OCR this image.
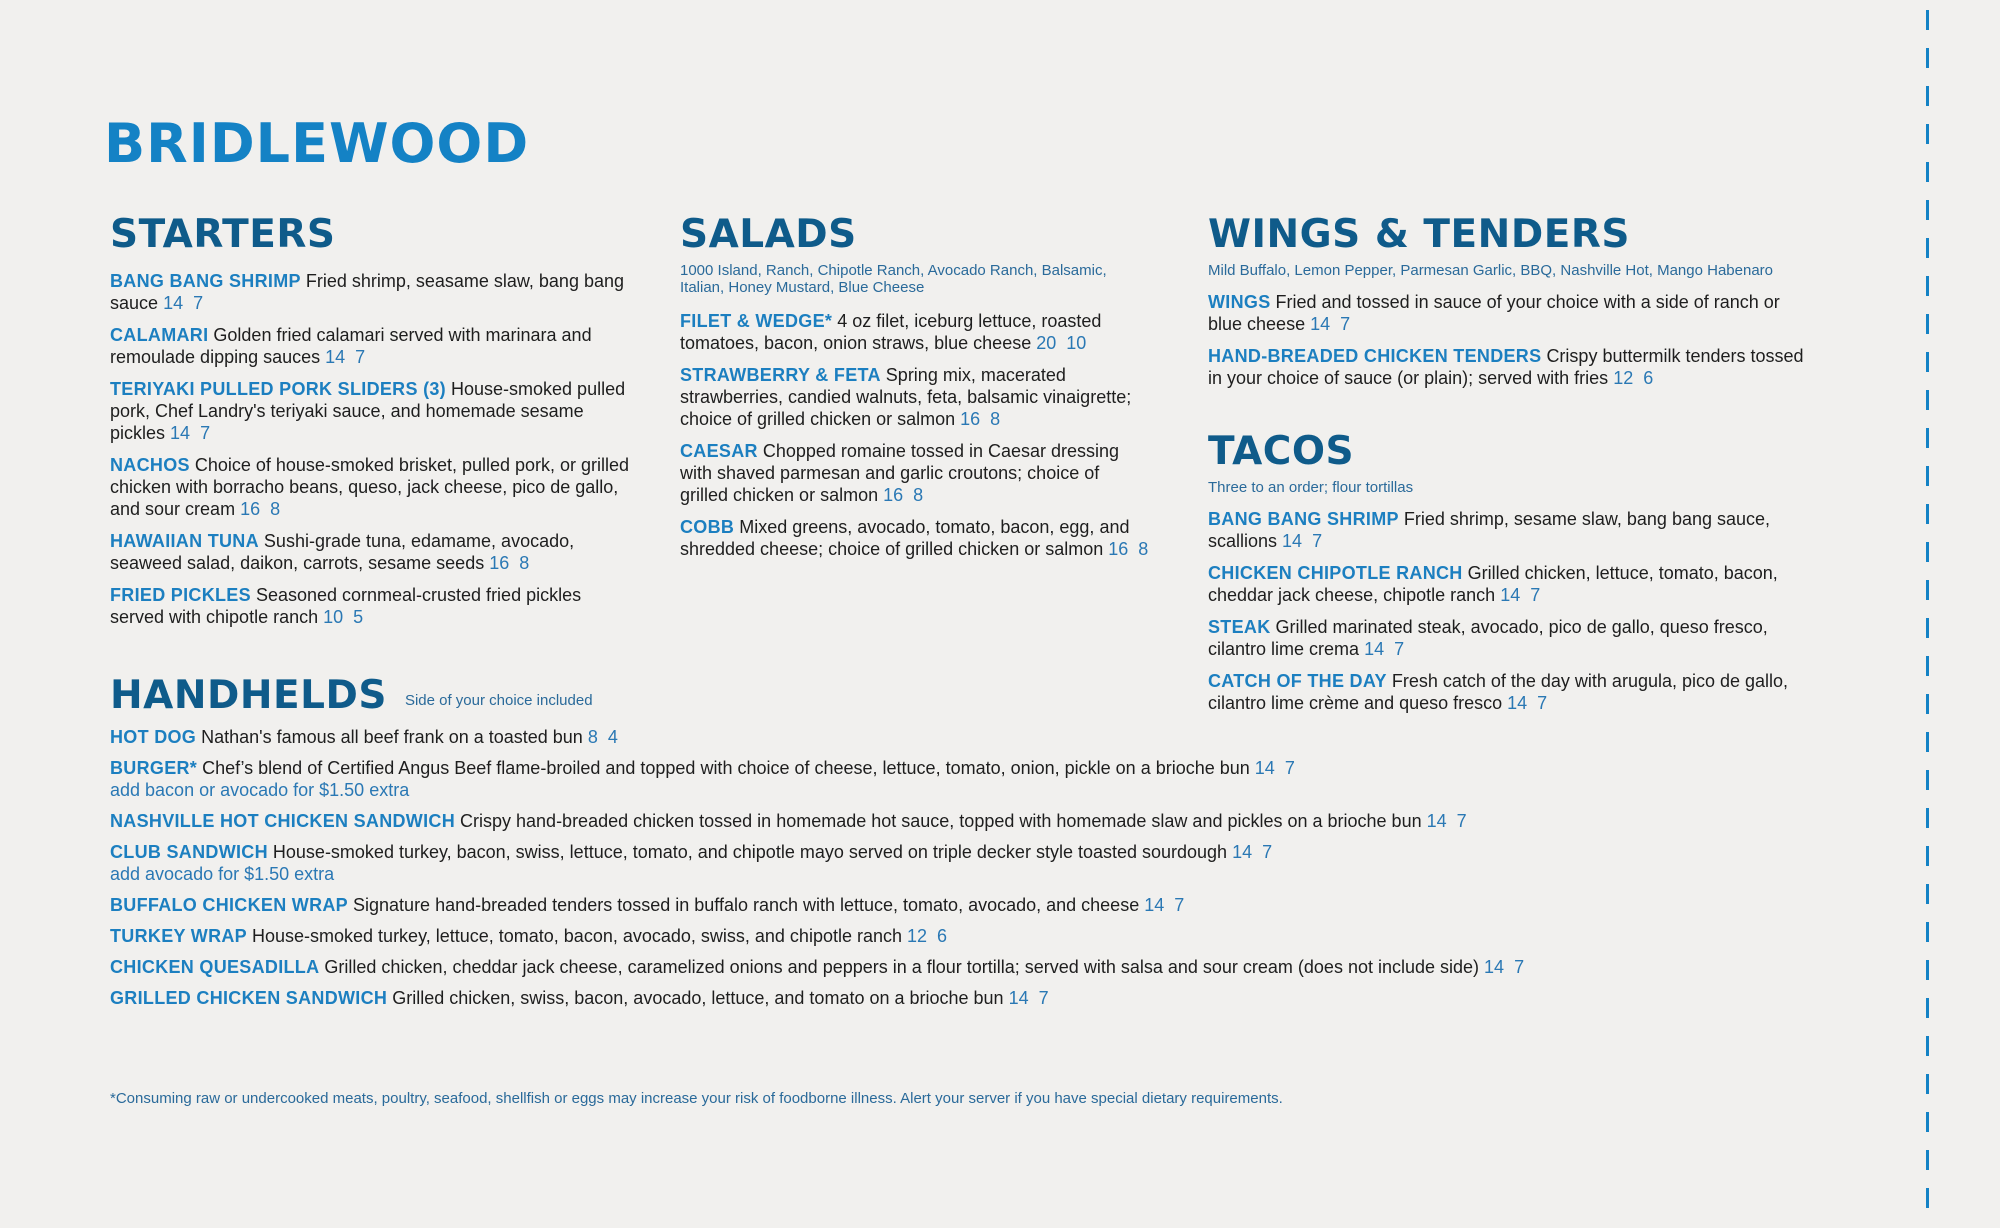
BRIDLEWOOD
STARTERS
BANG BANG SHRIMP Fried shrimp, seasame slaw, bang bang sauce 14  7
CALAMARI Golden fried calamari served with marinara and remoulade dipping sauces 14  7
TERIYAKI PULLED PORK SLIDERS (3) House-smoked pulled pork, Chef Landry's teriyaki sauce, and homemade sesame pickles 14  7
NACHOS Choice of house-smoked brisket, pulled pork, or grilled chicken with borracho beans, queso, jack cheese, pico de gallo, and sour cream 16  8
HAWAIIAN TUNA Sushi-grade tuna, edamame, avocado, seaweed salad, daikon, carrots, sesame seeds 16  8
FRIED PICKLES Seasoned cornmeal-crusted fried pickles served with chipotle ranch 10  5
SALADS
1000 Island, Ranch, Chipotle Ranch, Avocado Ranch, Balsamic, Italian, Honey Mustard, Blue Cheese
FILET & WEDGE* 4 oz filet, iceburg lettuce, roasted tomatoes, bacon, onion straws, blue cheese 20  10
STRAWBERRY & FETA Spring mix, macerated strawberries, candied walnuts, feta, balsamic vinaigrette; choice of grilled chicken or salmon 16  8
CAESAR Chopped romaine tossed in Caesar dressing with shaved parmesan and garlic croutons; choice of grilled chicken or salmon 16  8
COBB Mixed greens, avocado, tomato, bacon, egg, and shredded cheese; choice of grilled chicken or salmon 16  8
WINGS & TENDERS
Mild Buffalo, Lemon Pepper, Parmesan Garlic, BBQ, Nashville Hot, Mango Habenaro
WINGS Fried and tossed in sauce of your choice with a side of ranch or blue cheese 14  7
HAND-BREADED CHICKEN TENDERS Crispy buttermilk tenders tossed in your choice of sauce (or plain); served with fries 12  6
TACOS
Three to an order; flour tortillas
BANG BANG SHRIMP Fried shrimp, sesame slaw, bang bang sauce, scallions 14  7
CHICKEN CHIPOTLE RANCH Grilled chicken, lettuce, tomato, bacon, cheddar jack cheese, chipotle ranch 14  7
STEAK Grilled marinated steak, avocado, pico de gallo, queso fresco, cilantro lime crema 14  7
CATCH OF THE DAY Fresh catch of the day with arugula, pico de gallo, cilantro lime crème and queso fresco 14  7
HANDHELDS Side of your choice included
HOT DOG Nathan's famous all beef frank on a toasted bun 8  4
BURGER* Chef’s blend of Certified Angus Beef flame-broiled and topped with choice of cheese, lettuce, tomato, onion, pickle on a brioche bun 14  7
add bacon or avocado for $1.50 extra
NASHVILLE HOT CHICKEN SANDWICH Crispy hand-breaded chicken tossed in homemade hot sauce, topped with homemade slaw and pickles on a brioche bun 14  7
CLUB SANDWICH House-smoked turkey, bacon, swiss, lettuce, tomato, and chipotle mayo served on triple decker style toasted sourdough 14  7
add avocado for $1.50 extra
BUFFALO CHICKEN WRAP Signature hand-breaded tenders tossed in buffalo ranch with lettuce, tomato, avocado, and cheese 14  7
TURKEY WRAP House-smoked turkey, lettuce, tomato, bacon, avocado, swiss, and chipotle ranch 12  6
CHICKEN QUESADILLA Grilled chicken, cheddar jack cheese, caramelized onions and peppers in a flour tortilla; served with salsa and sour cream (does not include side) 14  7
GRILLED CHICKEN SANDWICH Grilled chicken, swiss, bacon, avocado, lettuce, and tomato on a brioche bun 14  7
*Consuming raw or undercooked meats, poultry, seafood, shellfish or eggs may increase your risk of foodborne illness. Alert your server if you have special dietary requirements.
